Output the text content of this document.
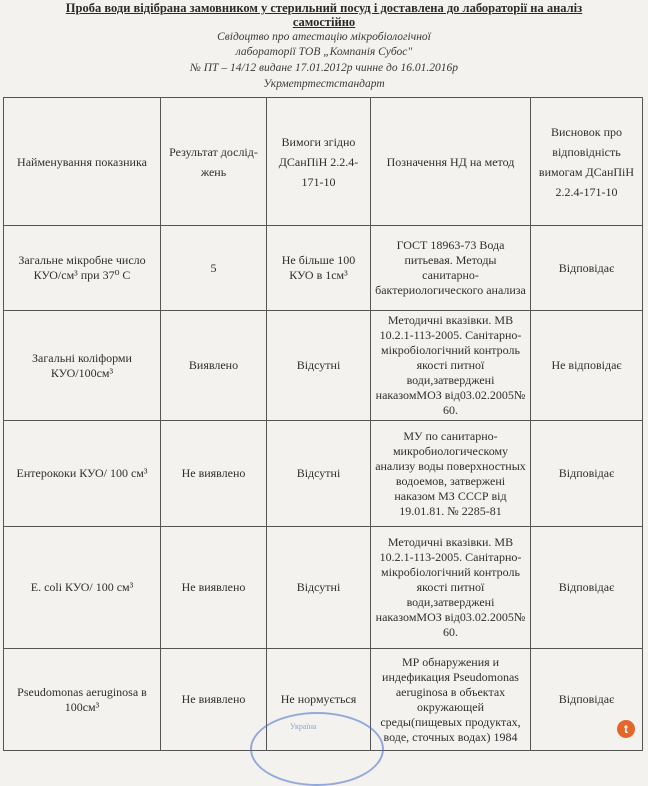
Проба води відібрана замовником у стерильний посуд і доставлена до лабораторії на аналіз
самостійно
Свідоцтво про атестацію мікробіологічної
лабораторії ТОВ „Компанія Субос"
№ ПТ – 14/12 видане 17.01.2012р чинне до 16.01.2016р
Укрметртестстандарт
Найменування показника	Результат дослід- жень	Вимоги згідно ДСанПіН 2.2.4-171-10	Позначення НД на метод	Висновок про відповідність вимогам ДСанПіН 2.2.4-171-10
Загальне мікробне число КУО/см³ при 37⁰ С	5	Не більше 100 КУО в 1см³	ГОСТ 18963-73 Вода питьевая. Методы санитарно-бактериологического анализа	Відповідає
Загальні коліформи КУО/100см³	Виявлено	Відсутні	Методичні вказівки. МВ 10.2.1-113-2005. Санітарно-мікробіологічний контроль якості питної води,затверджені наказомМОЗ від03.02.2005№ 60.	Не відповідає
Ентерококи КУО/ 100 см³	Не виявлено	Відсутні	МУ по санитарно-микробиологическому анализу воды поверхностных водоемов, затвержені наказом МЗ СССР від 19.01.81. № 2285-81	Відповідає
E. coli КУО/ 100 см³	Не виявлено	Відсутні	Методичні вказівки. МВ 10.2.1-113-2005. Санітарно-мікробіологічний контроль якості питної води,затверджені наказомМОЗ від03.02.2005№ 60.	Відповідає
Pseudomonas aeruginosa в 100см³	Не виявлено	Не нормується	МР обнаружения и индефикация Pseudomonas aeruginosa в объектах окружающей среды(пищевых продуктах, воде, сточных водах) 1984	Відповідає
Україна	t
